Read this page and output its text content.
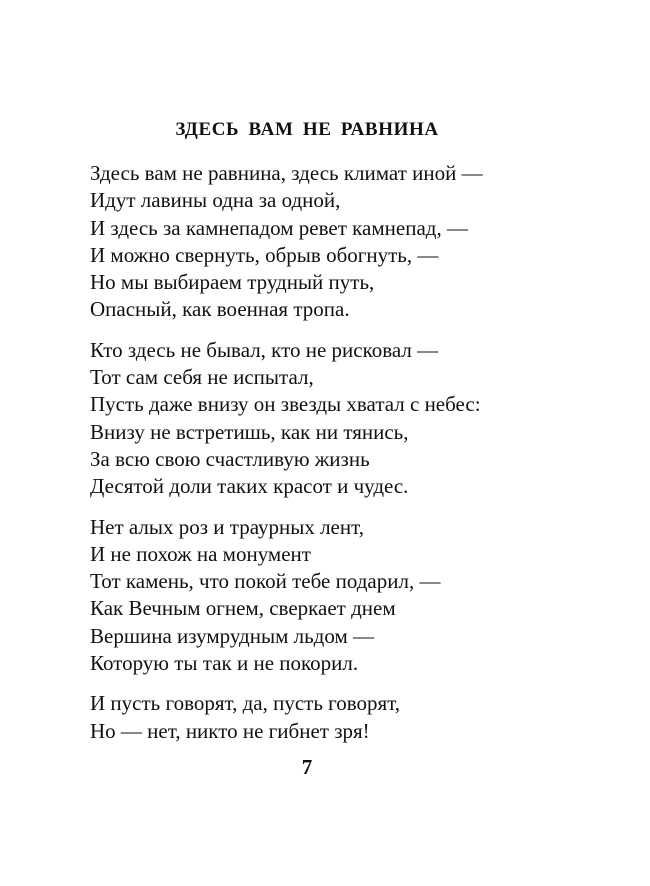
ЗДЕСЬ ВАМ НЕ РАВНИНА
Здесь вам не равнина, здесь климат иной —
Идут лавины одна за одной,
И здесь за камнепадом ревет камнепад, —
И можно свернуть, обрыв обогнуть, —
Но мы выбираем трудный путь,
Опасный, как военная тропа.
Кто здесь не бывал, кто не рисковал —
Тот сам себя не испытал,
Пусть даже внизу он звезды хватал с небес:
Внизу не встретишь, как ни тянись,
За всю свою счастливую жизнь
Десятой доли таких красот и чудес.
Нет алых роз и траурных лент,
И не похож на монумент
Тот камень, что покой тебе подарил, —
Как Вечным огнем, сверкает днем
Вершина изумрудным льдом —
Которую ты так и не покорил.
И пусть говорят, да, пусть говорят,
Но — нет, никто не гибнет зря!
7
